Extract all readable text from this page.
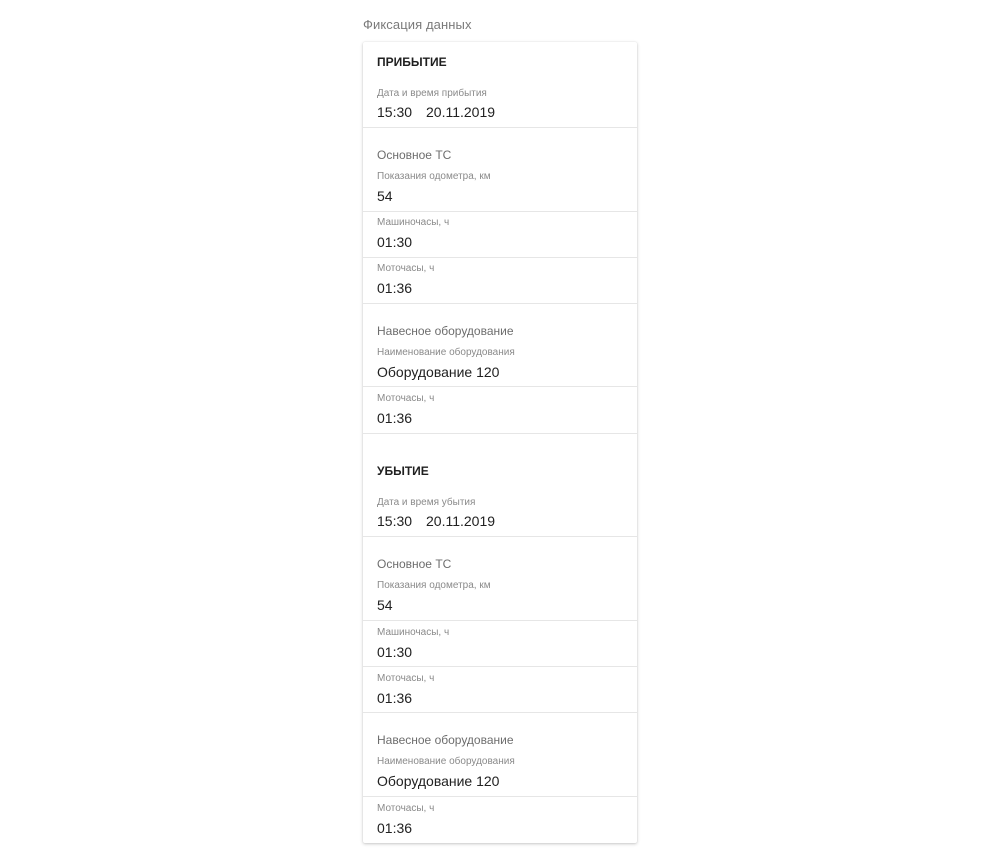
Фиксация данных
ПРИБЫТИЕ
Дата и время прибытия
15:30 20.11.2019
Основное ТС
Показания одометра, км
54
Машиночасы, ч
01:30
Моточасы, ч
01:36
Навесное оборудование
Наименование оборудования
Оборудование 120
Моточасы, ч
01:36
УБЫТИЕ
Дата и время убытия
15:30 20.11.2019
Основное ТС
Показания одометра, км
54
Машиночасы, ч
01:30
Моточасы, ч
01:36
Навесное оборудование
Наименование оборудования
Оборудование 120
Моточасы, ч
01:36
